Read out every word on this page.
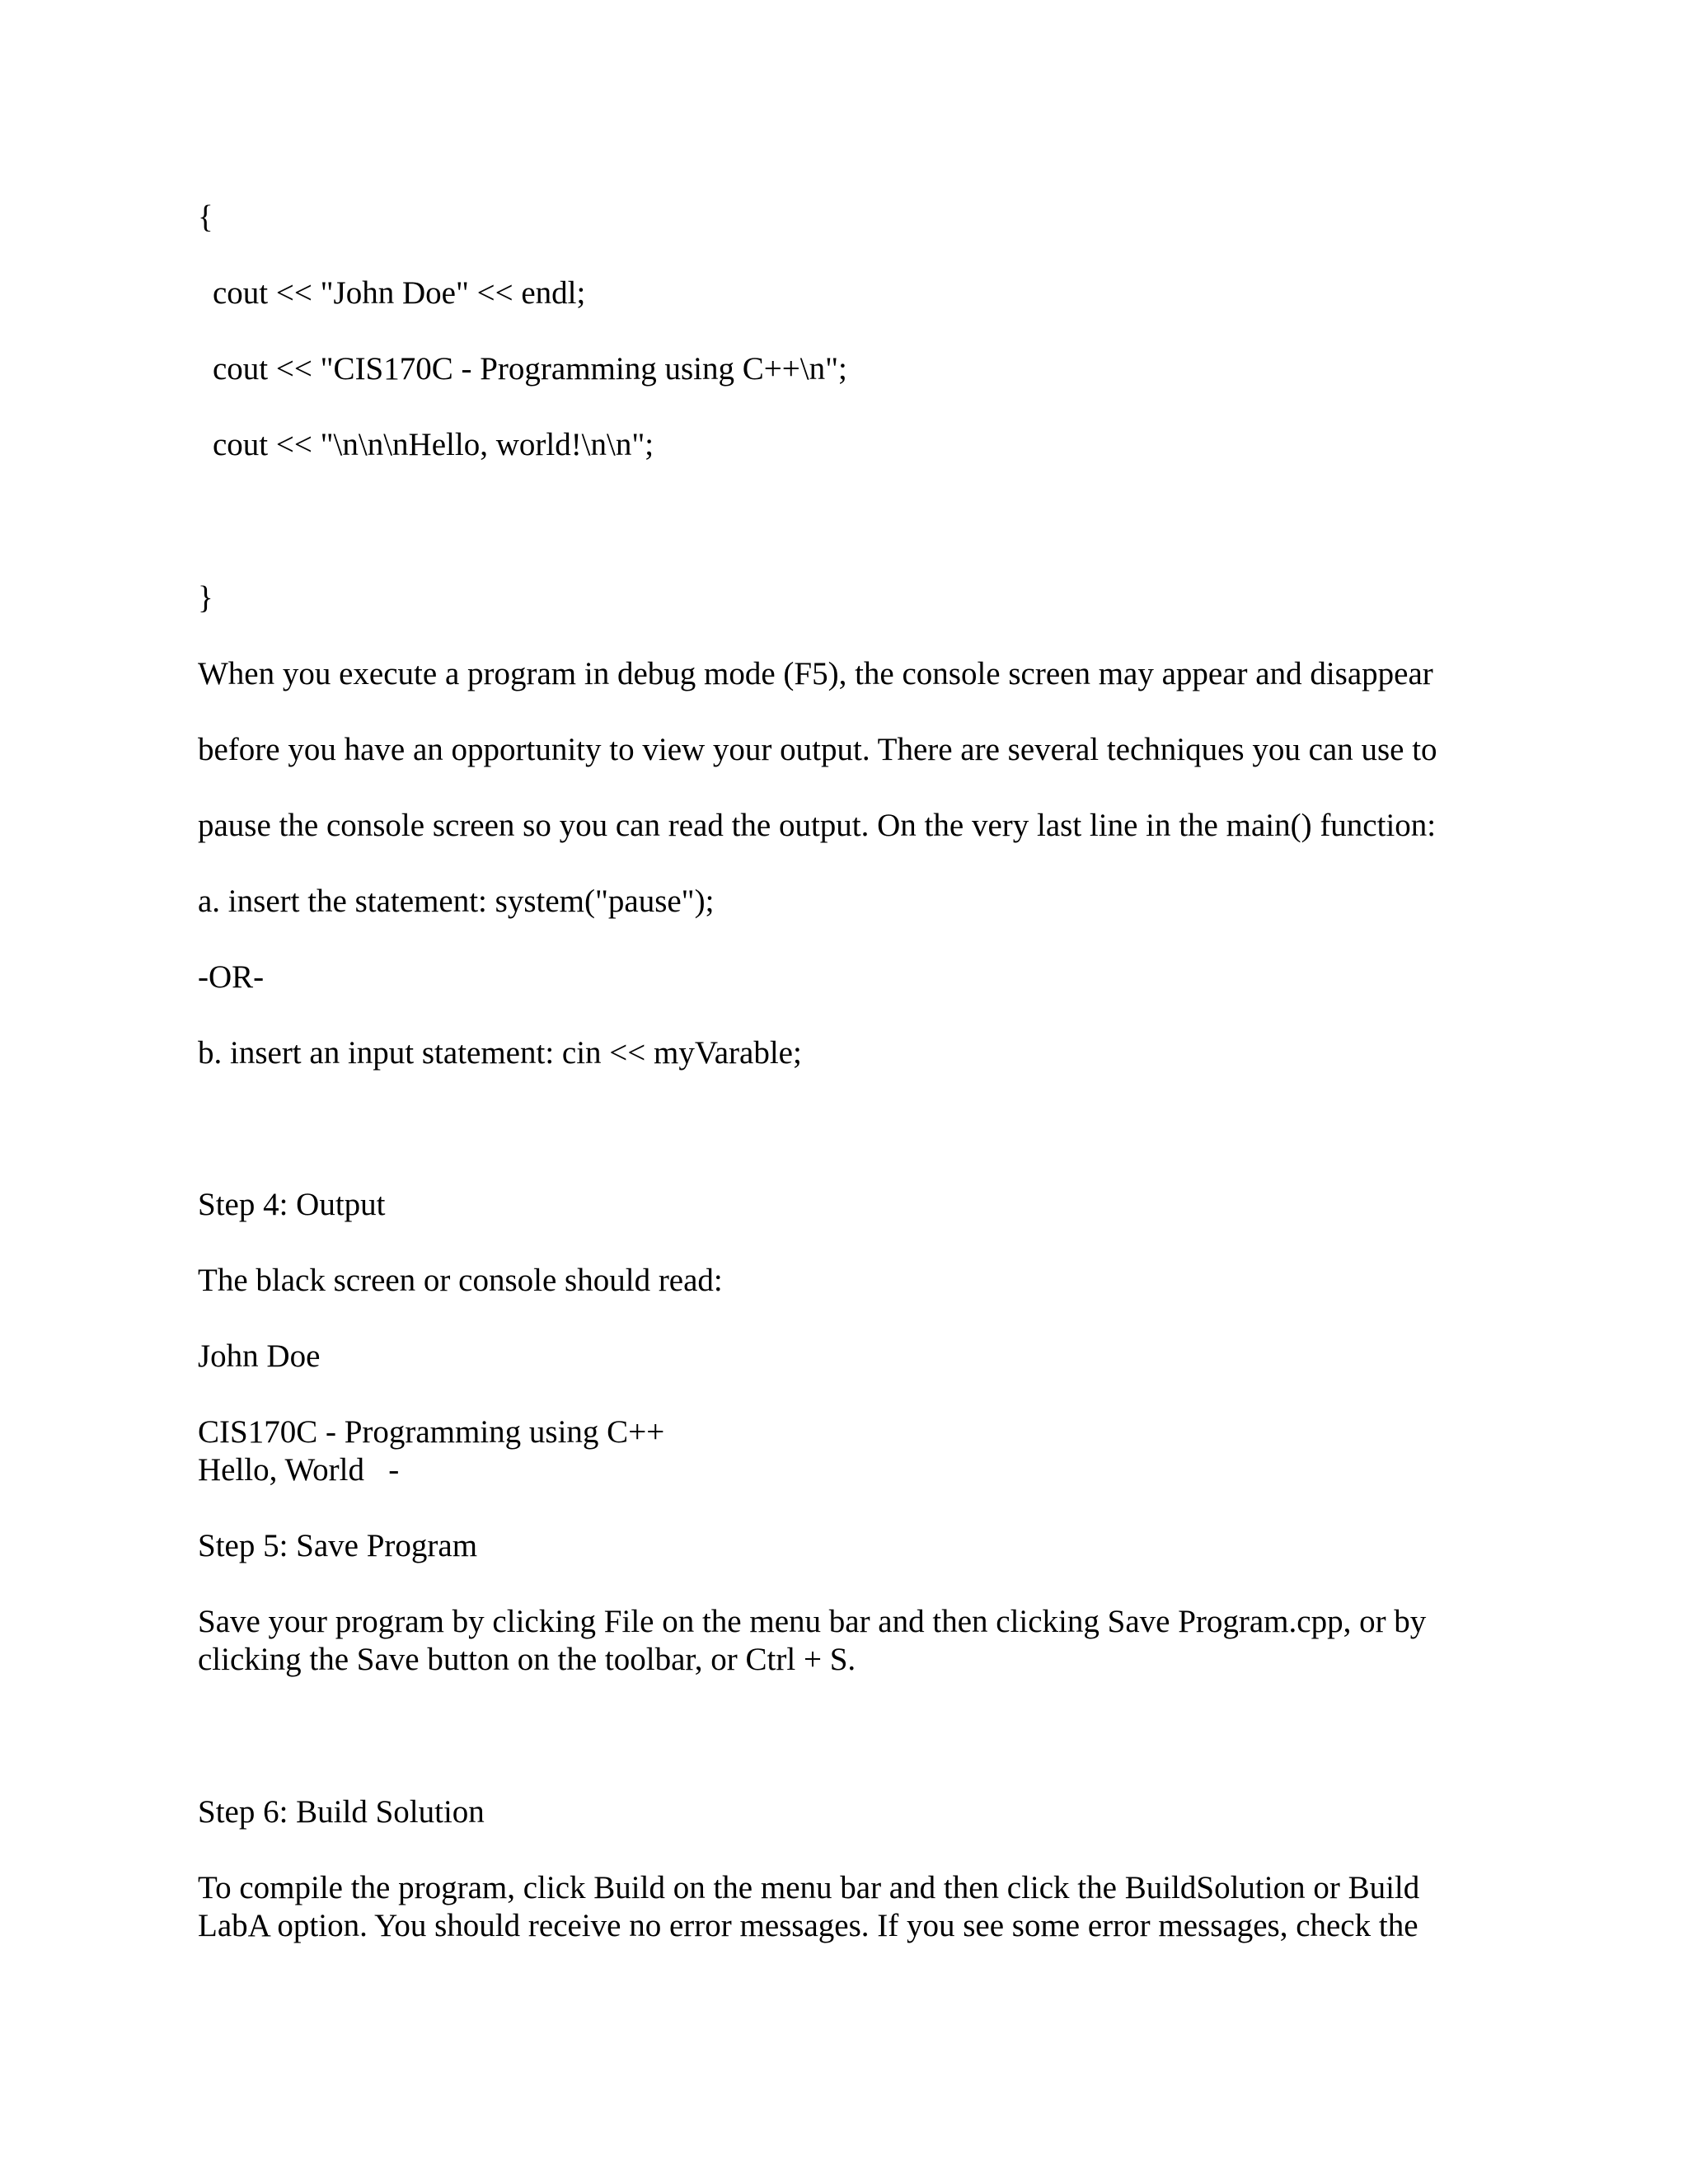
{

cout << "John Doe" << endl;

cout << "CIS170C - Programming using C++\n";

cout << "\n\n\nHello, world!\n\n";

}

When you execute a program in debug mode (F5), the console screen may appear and disappear

before you have an opportunity to view your output. There are several techniques you can use to

pause the console screen so you can read the output. On the very last line in the main() function:

a. insert the statement: system("pause");

-OR-

b. insert an input statement: cin << myVarable;

Step 4: Output

The black screen or console should read:

John Doe

CIS170C - Programming using C++

Hello, World   -

Step 5: Save Program

Save your program by clicking File on the menu bar and then clicking Save Program.cpp, or by

clicking the Save button on the toolbar, or Ctrl + S.

Step 6: Build Solution

To compile the program, click Build on the menu bar and then click the BuildSolution or Build

LabA option. You should receive no error messages. If you see some error messages, check the
